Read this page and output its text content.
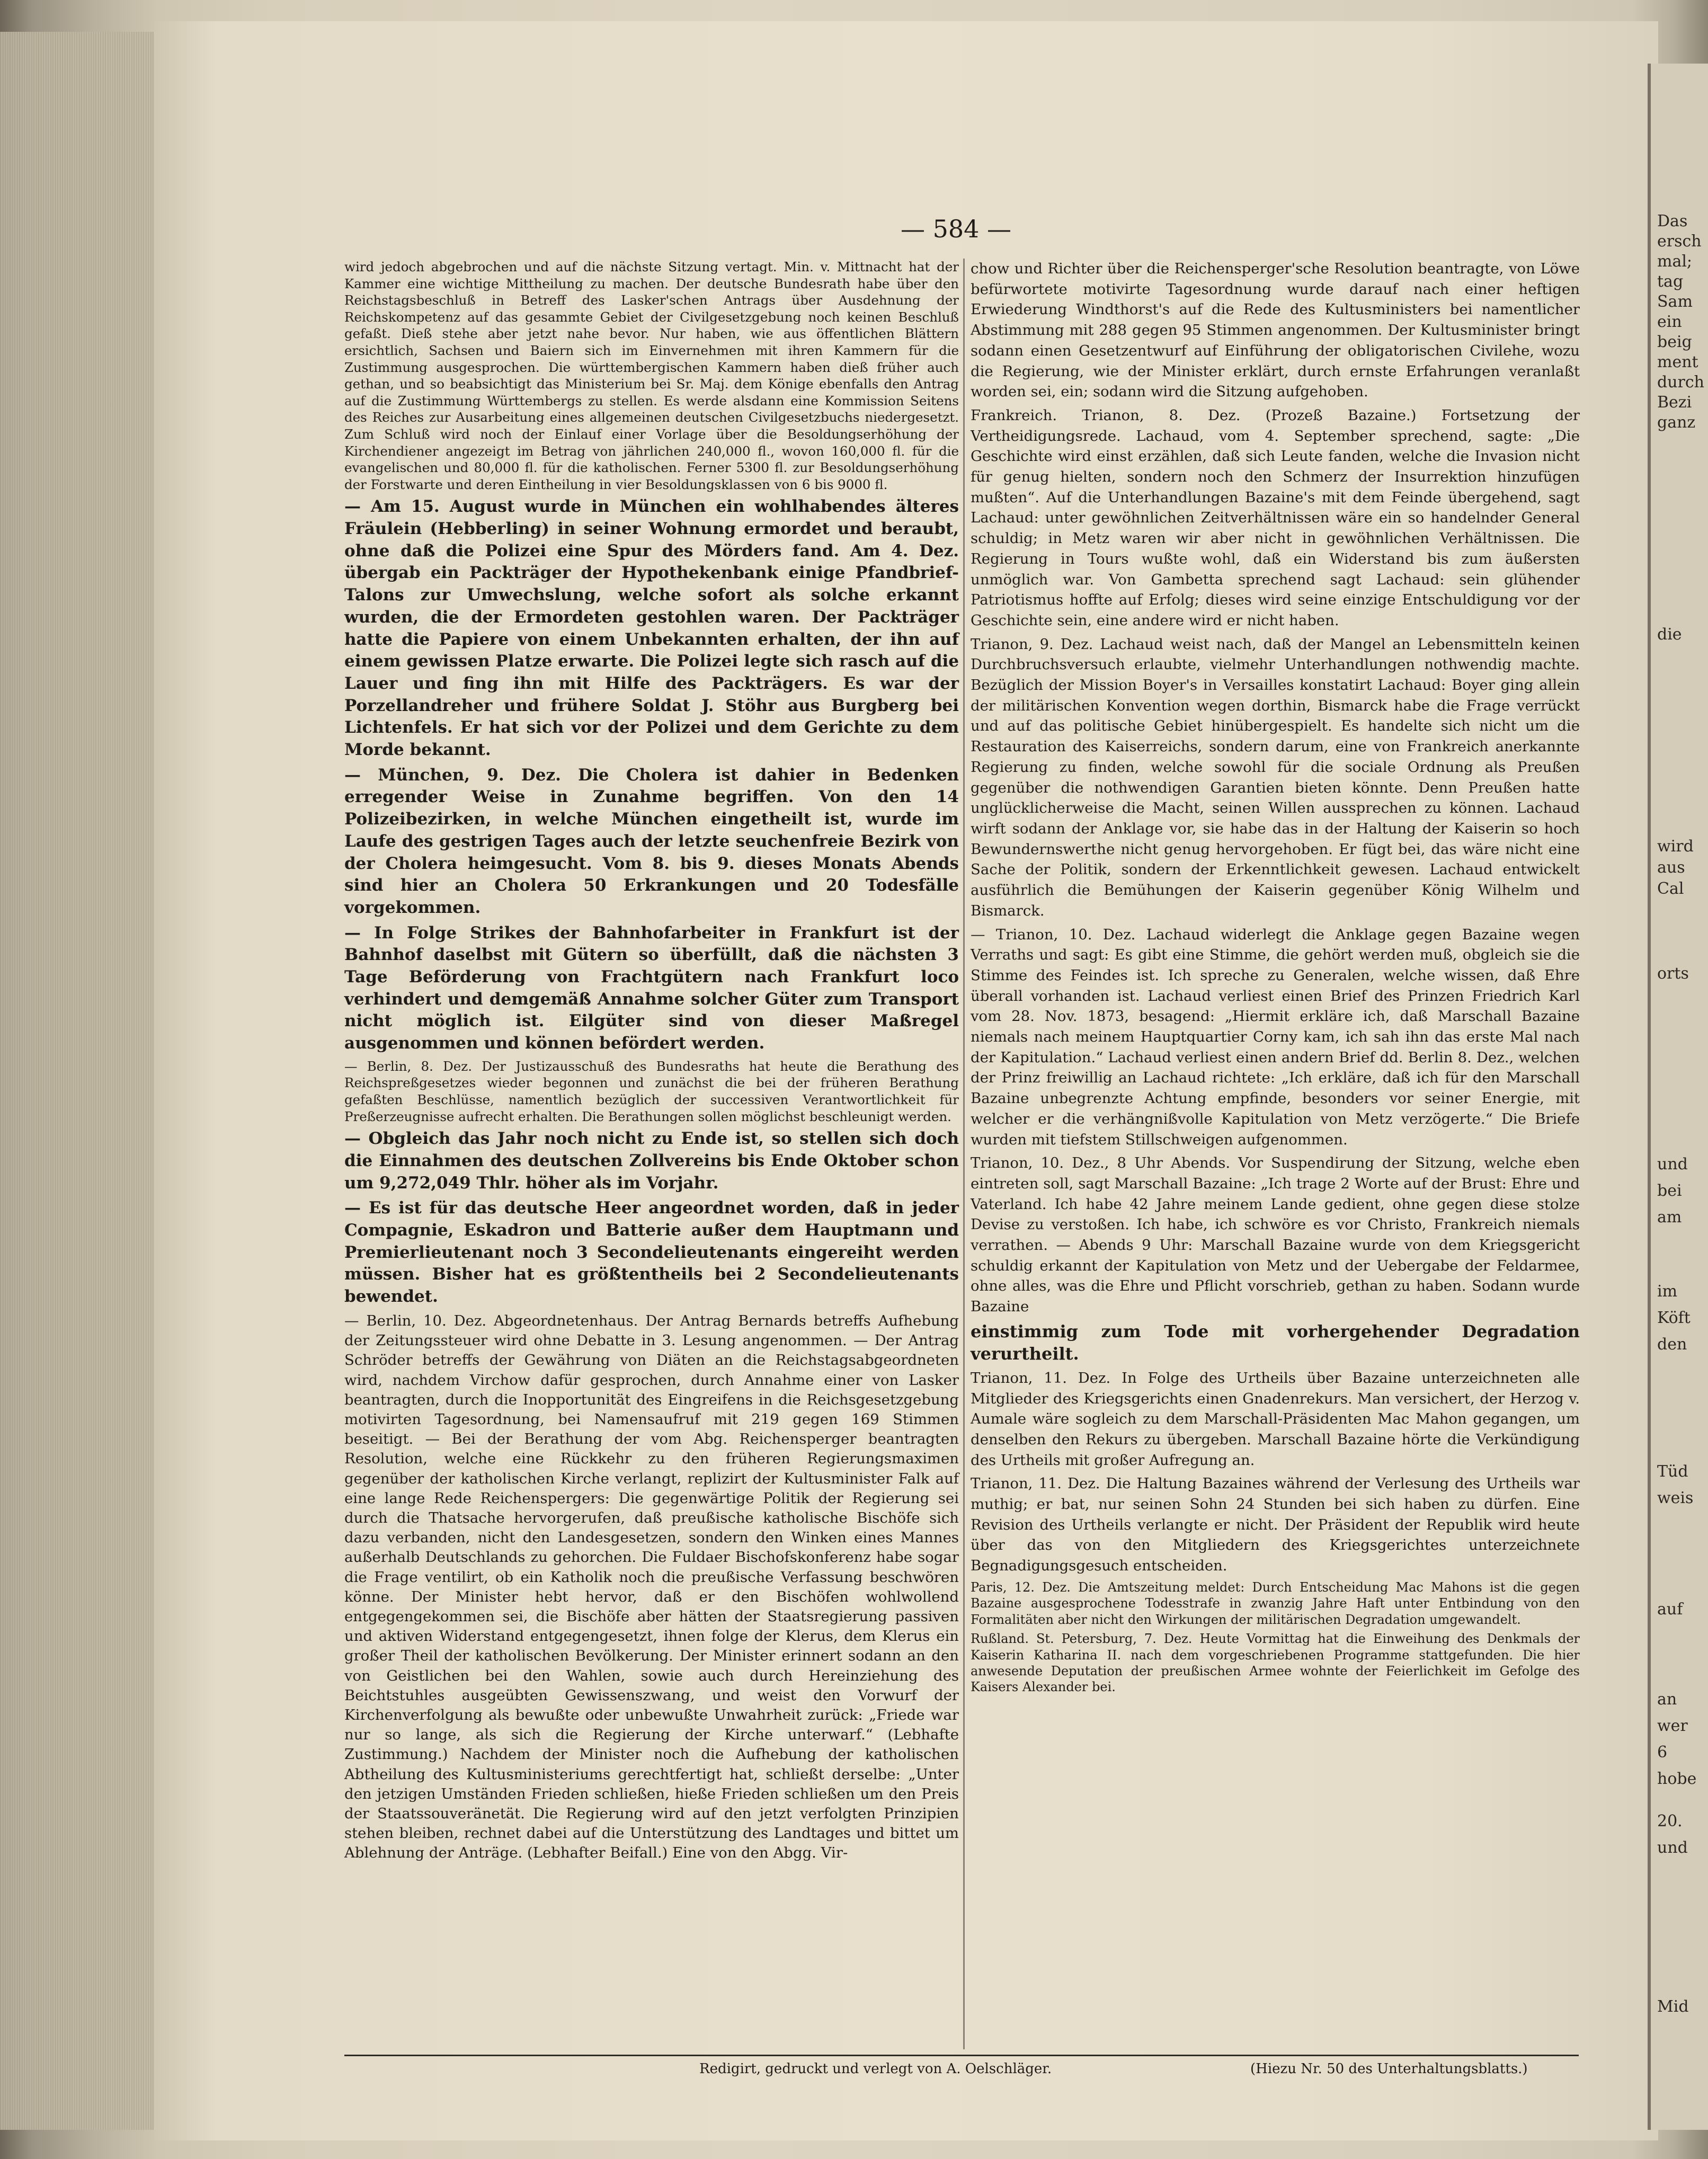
Das
ersch
mal;
tag
Sam
ein
beig
ment
durch
Bezi
ganz
die
wird
aus
Cal
orts
und
bei
am
im
Köft
den
Tüd
weis
auf
an
wer
6
hobe
20.
und
Mid
— 584 —

wird jedoch abgebrochen und auf die nächste Sitzung vertagt. Min. v. Mittnacht hat der Kammer eine wichtige Mittheilung zu machen. Der deutsche Bundesrath habe über den Reichstagsbeschluß in Betreff des Lasker'schen Antrags über Ausdehnung der Reichskompetenz auf das gesammte Gebiet der Civilgesetzgebung noch keinen Beschluß gefaßt. Dieß stehe aber jetzt nahe bevor. Nur haben, wie aus öffentlichen Blättern ersichtlich, Sachsen und Baiern sich im Einvernehmen mit ihren Kammern für die Zustimmung ausgesprochen. Die württembergischen Kammern haben dieß früher auch gethan, und so beabsichtigt das Ministerium bei Sr. Maj. dem Könige ebenfalls den Antrag auf die Zustimmung Württembergs zu stellen. Es werde alsdann eine Kommission Seitens des Reiches zur Ausarbeitung eines allgemeinen deutschen Civilgesetzbuchs niedergesetzt. Zum Schluß wird noch der Einlauf einer Vorlage über die Besoldungserhöhung der Kirchendiener angezeigt im Betrag von jährlichen 240,000 fl., wovon 160,000 fl. für die evangelischen und 80,000 fl. für die katholischen. Ferner 5300 fl. zur Besoldungserhöhung der Forstwarte und deren Eintheilung in vier Besoldungsklassen von 6 bis 9000 fl.

— Am 15. August wurde in München ein wohlhabendes älteres Fräulein (Hebberling) in seiner Wohnung ermordet und beraubt, ohne daß die Polizei eine Spur des Mörders fand. Am 4. Dez. übergab ein Packträger der Hypothekenbank einige Pfandbrief-Talons zur Umwechslung, welche sofort als solche erkannt wurden, die der Ermordeten gestohlen waren. Der Packträger hatte die Papiere von einem Unbekannten erhalten, der ihn auf einem gewissen Platze erwarte. Die Polizei legte sich rasch auf die Lauer und fing ihn mit Hilfe des Packträgers. Es war der Porzellandreher und frühere Soldat J. Stöhr aus Burgberg bei Lichtenfels. Er hat sich vor der Polizei und dem Gerichte zu dem Morde bekannt.

— München, 9. Dez. Die Cholera ist dahier in Bedenken erregender Weise in Zunahme begriffen. Von den 14 Polizeibezirken, in welche München eingetheilt ist, wurde im Laufe des gestrigen Tages auch der letzte seuchenfreie Bezirk von der Cholera heimgesucht. Vom 8. bis 9. dieses Monats Abends sind hier an Cholera 50 Erkrankungen und 20 Todesfälle vorgekommen.

— In Folge Strikes der Bahnhofarbeiter in Frankfurt ist der Bahnhof daselbst mit Gütern so überfüllt, daß die nächsten 3 Tage Beförderung von Frachtgütern nach Frankfurt loco verhindert und demgemäß Annahme solcher Güter zum Transport nicht möglich ist. Eilgüter sind von dieser Maßregel ausgenommen und können befördert werden.

— Berlin, 8. Dez. Der Justizausschuß des Bundesraths hat heute die Berathung des Reichspreßgesetzes wieder begonnen und zunächst die bei der früheren Berathung gefaßten Beschlüsse, namentlich bezüglich der successiven Verantwortlichkeit für Preßerzeugnisse aufrecht erhalten. Die Berathungen sollen möglichst beschleunigt werden.

— Obgleich das Jahr noch nicht zu Ende ist, so stellen sich doch die Einnahmen des deutschen Zollvereins bis Ende Oktober schon um 9,272,049 Thlr. höher als im Vorjahr.

— Es ist für das deutsche Heer angeordnet worden, daß in jeder Compagnie, Eskadron und Batterie außer dem Hauptmann und Premierlieutenant noch 3 Secondelieutenants eingereiht werden müssen. Bisher hat es größtentheils bei 2 Secondelieutenants bewendet.

— Berlin, 10. Dez. Abgeordnetenhaus. Der Antrag Bernards betreffs Aufhebung der Zeitungssteuer wird ohne Debatte in 3. Lesung angenommen. — Der Antrag Schröder betreffs der Gewährung von Diäten an die Reichstagsabgeordneten wird, nachdem Virchow dafür gesprochen, durch Annahme einer von Lasker beantragten, durch die Inopportunität des Eingreifens in die Reichsgesetzgebung motivirten Tagesordnung, bei Namensaufruf mit 219 gegen 169 Stimmen beseitigt. — Bei der Berathung der vom Abg. Reichensperger beantragten Resolution, welche eine Rückkehr zu den früheren Regierungsmaximen gegenüber der katholischen Kirche verlangt, replizirt der Kultusminister Falk auf eine lange Rede Reichenspergers: Die gegenwärtige Politik der Regierung sei durch die Thatsache hervorgerufen, daß preußische katholische Bischöfe sich dazu verbanden, nicht den Landesgesetzen, sondern den Winken eines Mannes außerhalb Deutschlands zu gehorchen. Die Fuldaer Bischofskonferenz habe sogar die Frage ventilirt, ob ein Katholik noch die preußische Verfassung beschwören könne. Der Minister hebt hervor, daß er den Bischöfen wohlwollend entgegengekommen sei, die Bischöfe aber hätten der Staatsregierung passiven und aktiven Widerstand entgegengesetzt, ihnen folge der Klerus, dem Klerus ein großer Theil der katholischen Bevölkerung. Der Minister erinnert sodann an den von Geistlichen bei den Wahlen, sowie auch durch Hereinziehung des Beichtstuhles ausgeübten Gewissenszwang, und weist den Vorwurf der Kirchenverfolgung als bewußte oder unbewußte Unwahrheit zurück: „Friede war nur so lange, als sich die Regierung der Kirche unterwarf.“ (Lebhafte Zustimmung.) Nachdem der Minister noch die Aufhebung der katholischen Abtheilung des Kultusministeriums gerechtfertigt hat, schließt derselbe: „Unter den jetzigen Umständen Frieden schließen, hieße Frieden schließen um den Preis der Staatssouveränetät. Die Regierung wird auf den jetzt verfolgten Prinzipien stehen bleiben, rechnet dabei auf die Unterstützung des Landtages und bittet um Ablehnung der Anträge. (Lebhafter Beifall.) Eine von den Abgg. Vir-

chow und Richter über die Reichensperger'sche Resolution beantragte, von Löwe befürwortete motivirte Tagesordnung wurde darauf nach einer heftigen Erwiederung Windthorst's auf die Rede des Kultusministers bei namentlicher Abstimmung mit 288 gegen 95 Stimmen angenommen. Der Kultusminister bringt sodann einen Gesetzentwurf auf Einführung der obligatorischen Civilehe, wozu die Regierung, wie der Minister erklärt, durch ernste Erfahrungen veranlaßt worden sei, ein; sodann wird die Sitzung aufgehoben.

Frankreich. Trianon, 8. Dez. (Prozeß Bazaine.) Fortsetzung der Vertheidigungsrede. Lachaud, vom 4. September sprechend, sagte: „Die Geschichte wird einst erzählen, daß sich Leute fanden, welche die Invasion nicht für genug hielten, sondern noch den Schmerz der Insurrektion hinzufügen mußten“. Auf die Unterhandlungen Bazaine's mit dem Feinde übergehend, sagt Lachaud: unter gewöhnlichen Zeitverhältnissen wäre ein so handelnder General schuldig; in Metz waren wir aber nicht in gewöhnlichen Verhältnissen. Die Regierung in Tours wußte wohl, daß ein Widerstand bis zum äußersten unmöglich war. Von Gambetta sprechend sagt Lachaud: sein glühender Patriotismus hoffte auf Erfolg; dieses wird seine einzige Entschuldigung vor der Geschichte sein, eine andere wird er nicht haben.

Trianon, 9. Dez. Lachaud weist nach, daß der Mangel an Lebensmitteln keinen Durchbruchsversuch erlaubte, vielmehr Unterhandlungen nothwendig machte. Bezüglich der Mission Boyer's in Versailles konstatirt Lachaud: Boyer ging allein der militärischen Konvention wegen dorthin, Bismarck habe die Frage verrückt und auf das politische Gebiet hinübergespielt. Es handelte sich nicht um die Restauration des Kaiserreichs, sondern darum, eine von Frankreich anerkannte Regierung zu finden, welche sowohl für die sociale Ordnung als Preußen gegenüber die nothwendigen Garantien bieten könnte. Denn Preußen hatte unglücklicherweise die Macht, seinen Willen aussprechen zu können. Lachaud wirft sodann der Anklage vor, sie habe das in der Haltung der Kaiserin so hoch Bewundernswerthe nicht genug hervorgehoben. Er fügt bei, das wäre nicht eine Sache der Politik, sondern der Erkenntlichkeit gewesen. Lachaud entwickelt ausführlich die Bemühungen der Kaiserin gegenüber König Wilhelm und Bismarck.

— Trianon, 10. Dez. Lachaud widerlegt die Anklage gegen Bazaine wegen Verraths und sagt: Es gibt eine Stimme, die gehört werden muß, obgleich sie die Stimme des Feindes ist. Ich spreche zu Generalen, welche wissen, daß Ehre überall vorhanden ist. Lachaud verliest einen Brief des Prinzen Friedrich Karl vom 28. Nov. 1873, besagend: „Hiermit erkläre ich, daß Marschall Bazaine niemals nach meinem Hauptquartier Corny kam, ich sah ihn das erste Mal nach der Kapitulation.“ Lachaud verliest einen andern Brief dd. Berlin 8. Dez., welchen der Prinz freiwillig an Lachaud richtete: „Ich erkläre, daß ich für den Marschall Bazaine unbegrenzte Achtung empfinde, besonders vor seiner Energie, mit welcher er die verhängnißvolle Kapitulation von Metz verzögerte.“ Die Briefe wurden mit tiefstem Stillschweigen aufgenommen.

Trianon, 10. Dez., 8 Uhr Abends. Vor Suspendirung der Sitzung, welche eben eintreten soll, sagt Marschall Bazaine: „Ich trage 2 Worte auf der Brust: Ehre und Vaterland. Ich habe 42 Jahre meinem Lande gedient, ohne gegen diese stolze Devise zu verstoßen. Ich habe, ich schwöre es vor Christo, Frankreich niemals verrathen. — Abends 9 Uhr: Marschall Bazaine wurde von dem Kriegsgericht schuldig erkannt der Kapitulation von Metz und der Uebergabe der Feldarmee, ohne alles, was die Ehre und Pflicht vorschrieb, gethan zu haben. Sodann wurde Bazaine

einstimmig zum Tode mit vorhergehender Degradation verurtheilt.

Trianon, 11. Dez. In Folge des Urtheils über Bazaine unterzeichneten alle Mitglieder des Kriegsgerichts einen Gnadenrekurs. Man versichert, der Herzog v. Aumale wäre sogleich zu dem Marschall-Präsidenten Mac Mahon gegangen, um denselben den Rekurs zu übergeben. Marschall Bazaine hörte die Verkündigung des Urtheils mit großer Aufregung an.

Trianon, 11. Dez. Die Haltung Bazaines während der Verlesung des Urtheils war muthig; er bat, nur seinen Sohn 24 Stunden bei sich haben zu dürfen. Eine Revision des Urtheils verlangte er nicht. Der Präsident der Republik wird heute über das von den Mitgliedern des Kriegsgerichtes unterzeichnete Begnadigungsgesuch entscheiden.

Paris, 12. Dez. Die Amtszeitung meldet: Durch Entscheidung Mac Mahons ist die gegen Bazaine ausgesprochene Todesstrafe in zwanzig Jahre Haft unter Entbindung von den Formalitäten aber nicht den Wirkungen der militärischen Degradation umgewandelt.

Rußland. St. Petersburg, 7. Dez. Heute Vormittag hat die Einweihung des Denkmals der Kaiserin Katharina II. nach dem vorgeschriebenen Programme stattgefunden. Die hier anwesende Deputation der preußischen Armee wohnte der Feierlichkeit im Gefolge des Kaisers Alexander bei.

Redigirt, gedruckt und verlegt von A. Oelschläger.	(Hiezu Nr. 50 des Unterhaltungsblatts.)
